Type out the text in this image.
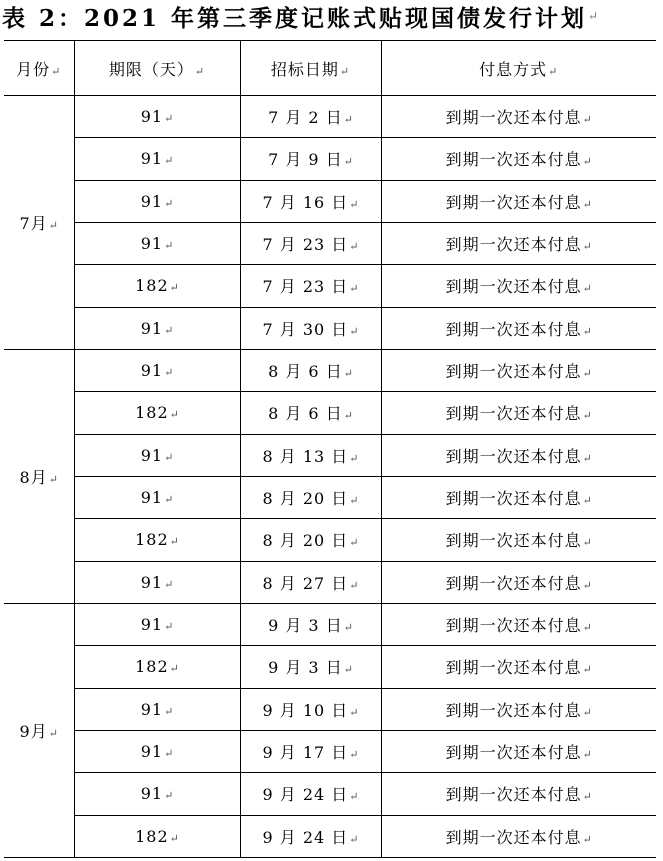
表 2：2021 年第三季度记账式贴现国债发行计划↵
月份↵	期限（天）↵	招标日期↵	付息方式↵
7月↵	91↵	7 月 2 日↵	到期一次还本付息↵
	91↵	7 月 9 日↵	到期一次还本付息↵
	91↵	7 月 16 日↵	到期一次还本付息↵
	91↵	7 月 23 日↵	到期一次还本付息↵
	182↵	7 月 23 日↵	到期一次还本付息↵
	91↵	7 月 30 日↵	到期一次还本付息↵
8月↵	91↵	8 月 6 日↵	到期一次还本付息↵
	182↵	8 月 6 日↵	到期一次还本付息↵
	91↵	8 月 13 日↵	到期一次还本付息↵
	91↵	8 月 20 日↵	到期一次还本付息↵
	182↵	8 月 20 日↵	到期一次还本付息↵
	91↵	8 月 27 日↵	到期一次还本付息↵
9月↵	91↵	9 月 3 日↵	到期一次还本付息↵
	182↵	9 月 3 日↵	到期一次还本付息↵
	91↵	9 月 10 日↵	到期一次还本付息↵
	91↵	9 月 17 日↵	到期一次还本付息↵
	91↵	9 月 24 日↵	到期一次还本付息↵
	182↵	9 月 24 日↵	到期一次还本付息↵
